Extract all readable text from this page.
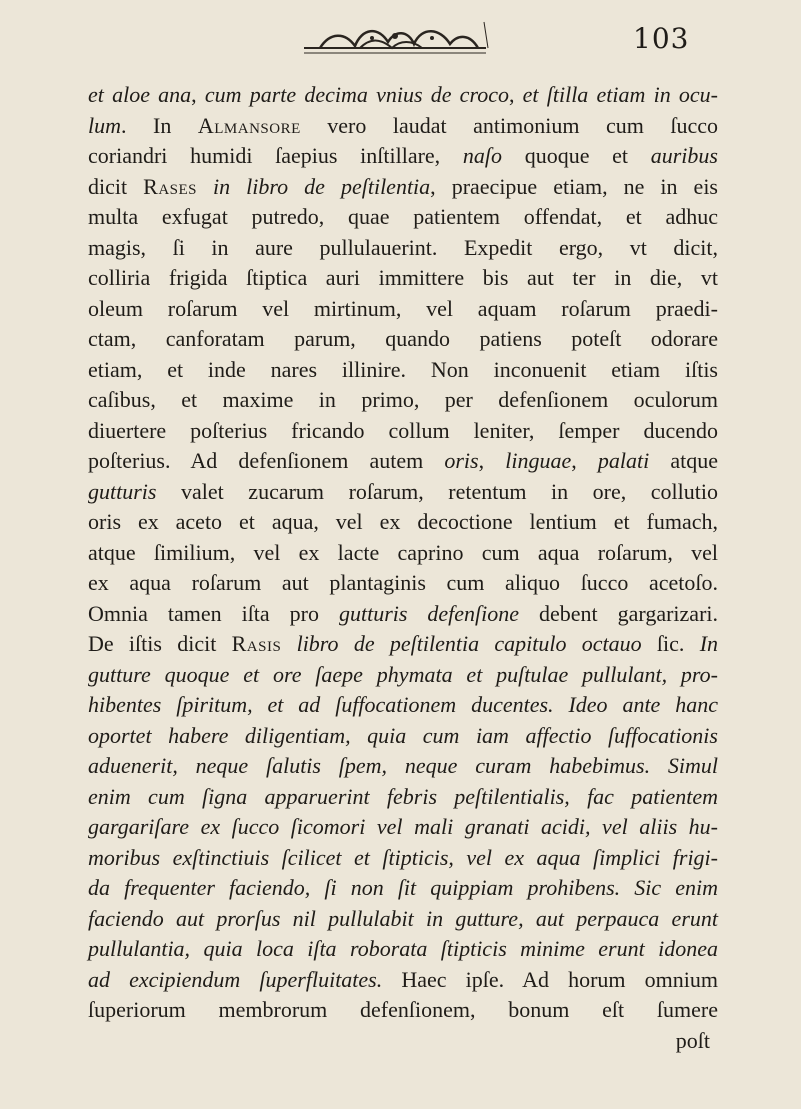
103
et aloe ana, cum parte decima vnius de croco, et ſtilla etiam in ocu-
lum. In Almansore vero laudat antimonium cum ſucco
coriandri humidi ſaepius inſtillare, naſo quoque et auribus
dicit Rases in libro de peſtilentia, praecipue etiam, ne in eis
multa exfugat putredo, quae patientem offendat, et adhuc
magis, ſi in aure pullulauerint. Expedit ergo, vt dicit,
colliria frigida ſtiptica auri immittere bis aut ter in die, vt
oleum roſarum vel mirtinum, vel aquam roſarum praedi-
ctam, canforatam parum, quando patiens poteſt odorare
etiam, et inde nares illinire. Non inconuenit etiam iſtis
caſibus, et maxime in primo, per defenſionem oculorum
diuertere poſterius fricando collum leniter, ſemper ducendo
poſterius. Ad defenſionem autem oris, linguae, palati atque
gutturis valet zucarum roſarum, retentum in ore, collutio
oris ex aceto et aqua, vel ex decoctione lentium et fumach,
atque ſimilium, vel ex lacte caprino cum aqua roſarum, vel
ex aqua roſarum aut plantaginis cum aliquo ſucco acetoſo.
Omnia tamen iſta pro gutturis defenſione debent gargarizari.
De iſtis dicit Rasis libro de peſtilentia capitulo octauo ſic. In
gutture quoque et ore ſaepe phymata et puſtulae pullulant, pro-
hibentes ſpiritum, et ad ſuffocationem ducentes. Ideo ante hanc
oportet habere diligentiam, quia cum iam affectio ſuffocationis
aduenerit, neque ſalutis ſpem, neque curam habebimus. Simul
enim cum ſigna apparuerint febris peſtilentialis, fac patientem
gargariſare ex ſucco ſicomori vel mali granati acidi, vel aliis hu-
moribus exſtinctiuis ſcilicet et ſtipticis, vel ex aqua ſimplici frigi-
da frequenter faciendo, ſi non ſit quippiam prohibens. Sic enim
faciendo aut prorſus nil pullulabit in gutture, aut perpauca erunt
pullulantia, quia loca iſta roborata ſtipticis minime erunt idonea
ad excipiendum ſuperfluitates. Haec ipſe. Ad horum omnium
ſuperiorum membrorum defenſionem, bonum eſt ſumere
poſt
